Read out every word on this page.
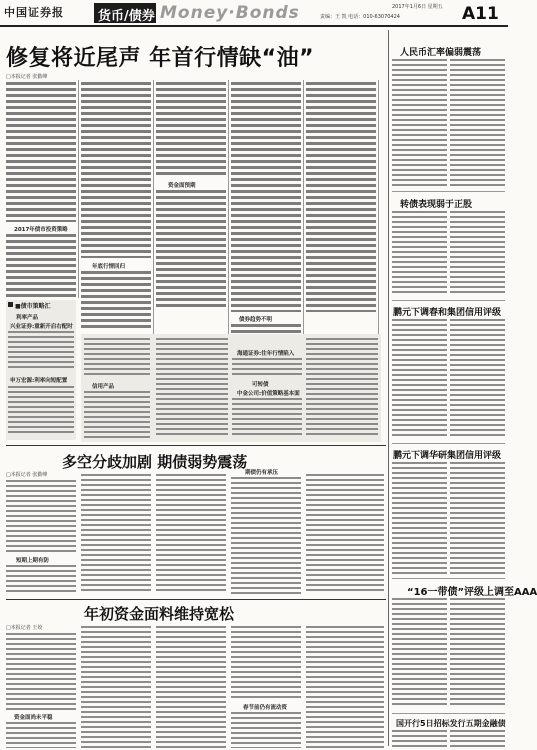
中国证券报	货币/债券 Money·Bonds	2017年1月6日 星期五
责编：王 凯 电话：010-63070424	A11
修复将近尾声 年首行情缺“油”
□本报记者 张勤峰
2017年债市投资策略
年底行情回归
资金面预期
债券趋势不明
■债市策略汇
利率产品
兴业证券:重新开启右配时
申万宏源:利率向短配置
信用产品
海通证券:往年行情陷入
可转债
中金公司:价值策略基本面
人民币汇率偏弱震荡
转债表现弱于正股
鹏元下调春和集团信用评级
多空分歧加剧 期债弱势震荡
□本报记者 张勤峰
短期上期有防
期债仍有承压
鹏元下调华研集团信用评级
“16一带债”评级上调至AAA
国开行5日招标发行五期金融债
年初资金面料维持宽松
□本报记者 王姣
资金面尚未平稳
春节前仍有流动资
